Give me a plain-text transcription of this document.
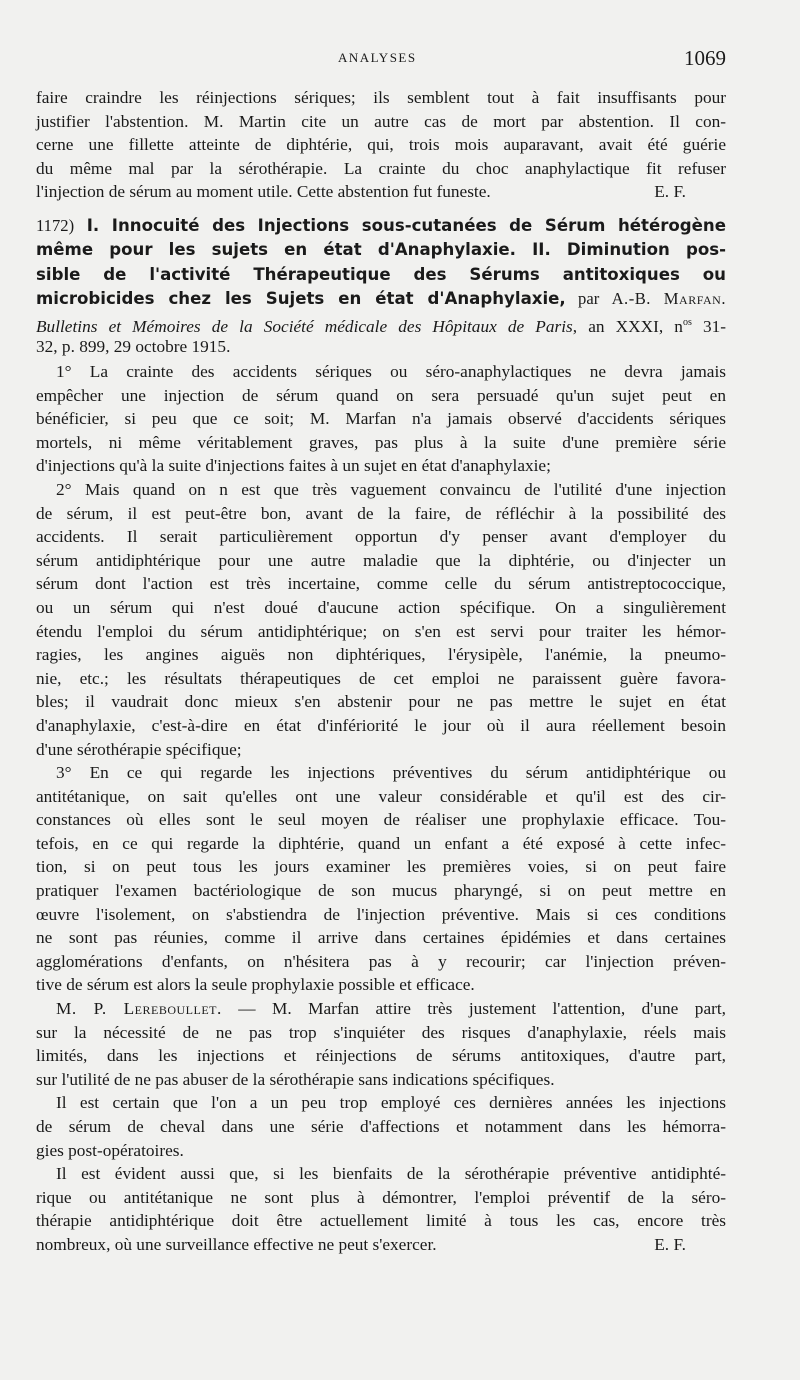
ANALYSES	1069
faire craindre les réinjections sériques; ils semblent tout à fait insuffisants pour
justifier l'abstention. M. Martin cite un autre cas de mort par abstention. Il con-
cerne une fillette atteinte de diphtérie, qui, trois mois auparavant, avait été guérie
du même mal par la sérothérapie. La crainte du choc anaphylactique fit refuser
l'injection de sérum au moment utile. Cette abstention fut funeste.	E. F.
1172) I. Innocuité des Injections sous-cutanées de Sérum hétérogène
même pour les sujets en état d'Anaphylaxie. II. Diminution pos-
sible de l'activité Thérapeutique des Sérums antitoxiques ou
microbicides chez les Sujets en état d'Anaphylaxie, par A.-B. Marfan.
Bulletins et Mémoires de la Société médicale des Hôpitaux de Paris, an XXXI, $n^{os}$ 31-
32, p. 899, 29 octobre 1915.
1° La crainte des accidents sériques ou séro-anaphylactiques ne devra jamais
empêcher une injection de sérum quand on sera persuadé qu'un sujet peut en
bénéficier, si peu que ce soit; M. Marfan n'a jamais observé d'accidents sériques
mortels, ni même véritablement graves, pas plus à la suite d'une première série
d'injections qu'à la suite d'injections faites à un sujet en état d'anaphylaxie;
2° Mais quand on n est que très vaguement convaincu de l'utilité d'une injection
de sérum, il est peut-être bon, avant de la faire, de réfléchir à la possibilité des
accidents. Il serait particulièrement opportun d'y penser avant d'employer du
sérum antidiphtérique pour une autre maladie que la diphtérie, ou d'injecter un
sérum dont l'action est très incertaine, comme celle du sérum antistreptococcique,
ou un sérum qui n'est doué d'aucune action spécifique. On a singulièrement
étendu l'emploi du sérum antidiphtérique; on s'en est servi pour traiter les hémor-
ragies, les angines aiguës non diphtériques, l'érysipèle, l'anémie, la pneumo-
nie, etc.; les résultats thérapeutiques de cet emploi ne paraissent guère favora-
bles; il vaudrait donc mieux s'en abstenir pour ne pas mettre le sujet en état
d'anaphylaxie, c'est-à-dire en état d'infériorité le jour où il aura réellement besoin
d'une sérothérapie spécifique;
3° En ce qui regarde les injections préventives du sérum antidiphtérique ou
antitétanique, on sait qu'elles ont une valeur considérable et qu'il est des cir-
constances où elles sont le seul moyen de réaliser une prophylaxie efficace. Tou-
tefois, en ce qui regarde la diphtérie, quand un enfant a été exposé à cette infec-
tion, si on peut tous les jours examiner les premières voies, si on peut faire
pratiquer l'examen bactériologique de son mucus pharyngé, si on peut mettre en
œuvre l'isolement, on s'abstiendra de l'injection préventive. Mais si ces conditions
ne sont pas réunies, comme il arrive dans certaines épidémies et dans certaines
agglomérations d'enfants, on n'hésitera pas à y recourir; car l'injection préven-
tive de sérum est alors la seule prophylaxie possible et efficace.
M. P. Lereboullet. — M. Marfan attire très justement l'attention, d'une part,
sur la nécessité de ne pas trop s'inquiéter des risques d'anaphylaxie, réels mais
limités, dans les injections et réinjections de sérums antitoxiques, d'autre part,
sur l'utilité de ne pas abuser de la sérothérapie sans indications spécifiques.
Il est certain que l'on a un peu trop employé ces dernières années les injections
de sérum de cheval dans une série d'affections et notamment dans les hémorra-
gies post-opératoires.
Il est évident aussi que, si les bienfaits de la sérothérapie préventive antidiphté-
rique ou antitétanique ne sont plus à démontrer, l'emploi préventif de la séro-
thérapie antidiphtérique doit être actuellement limité à tous les cas, encore très
nombreux, où une surveillance effective ne peut s'exercer.	E. F.
